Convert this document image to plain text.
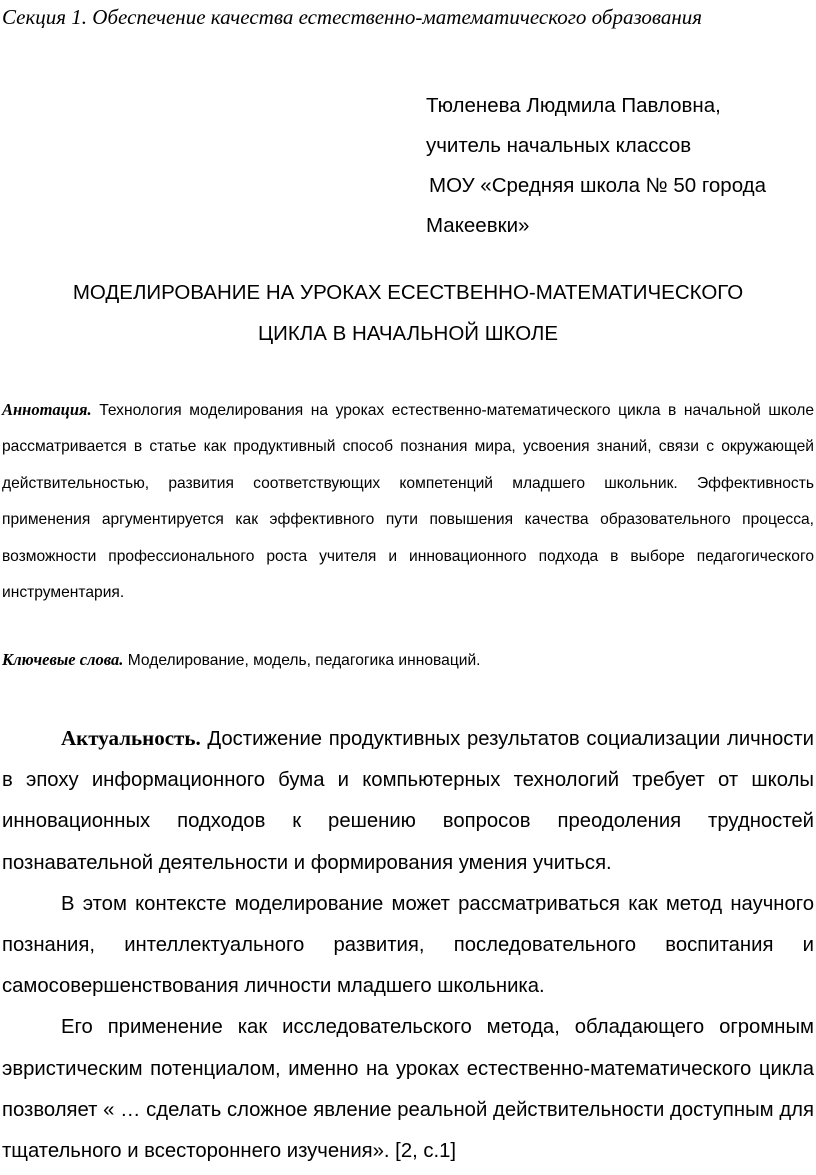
Секция 1. Обеспечение качества естественно-математического образования
Тюленева Людмила Павловна,
учитель начальных классов
МОУ «Средняя школа № 50 города
Макеевки»
МОДЕЛИРОВАНИЕ НА УРОКАХ ЕСЕСТВЕННО-МАТЕМАТИЧЕСКОГО
ЦИКЛА В НАЧАЛЬНОЙ ШКОЛЕ
Аннотация. Технология моделирования на уроках естественно-математического цикла в начальной школе рассматривается в статье как продуктивный способ познания мира, усвоения знаний, связи с окружающей действительностью, развития соответствующих компетенций младшего школьник. Эффективность применения аргументируется как эффективного пути повышения качества образовательного процесса, возможности профессионального роста учителя и инновационного подхода в выборе педагогического инструментария.
Ключевые слова. Моделирование, модель, педагогика инноваций.

Актуальность. Достижение продуктивных результатов социализации личности в эпоху информационного бума и компьютерных технологий требует от школы инновационных подходов к решению вопросов преодоления трудностей познавательной деятельности и формирования умения учиться.

В этом контексте моделирование может рассматриваться как метод научного познания, интеллектуального развития, последовательного воспитания и самосовершенствования личности младшего школьника.

Его применение как исследовательского метода, обладающего огромным эвристическим потенциалом, именно на уроках естественно-математического цикла позволяет « … сделать сложное явление реальной действительности доступным для тщательного и всестороннего изучения». [2, с.1]
